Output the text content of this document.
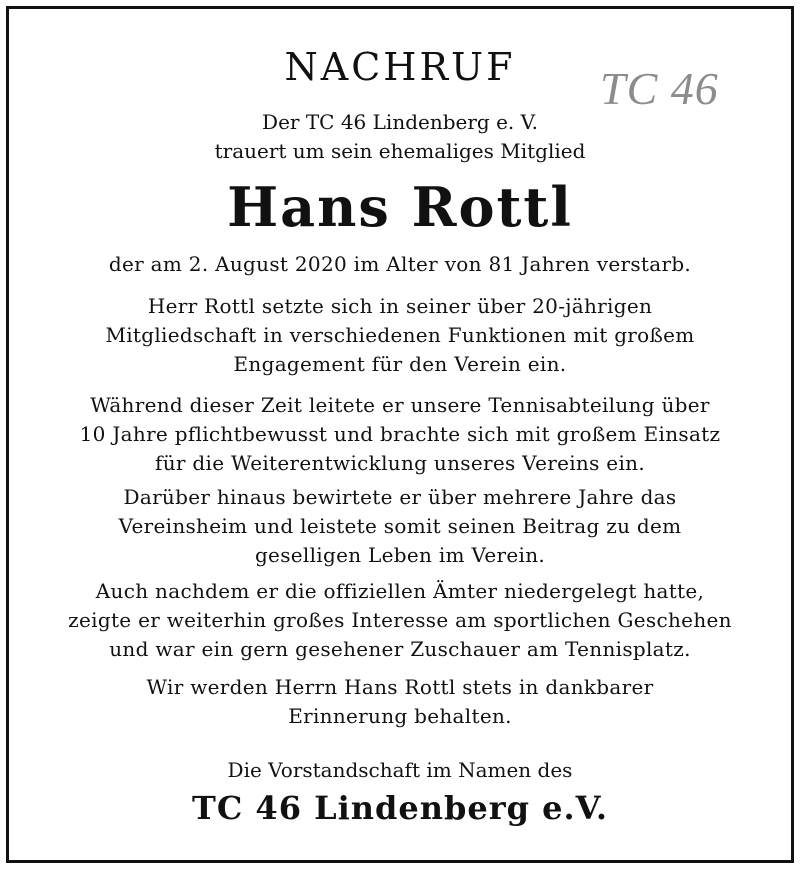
NACHRUF	TC 46
Der TC 46 Lindenberg e. V.
trauert um sein ehemaliges Mitglied
Hans Rottl
der am 2. August 2020 im Alter von 81 Jahren verstarb.
Herr Rottl setzte sich in seiner über 20-jährigen
Mitgliedschaft in verschiedenen Funktionen mit großem
Engagement für den Verein ein.
Während dieser Zeit leitete er unsere Tennisabteilung über
10 Jahre pflichtbewusst und brachte sich mit großem Einsatz
für die Weiterentwicklung unseres Vereins ein.
Darüber hinaus bewirtete er über mehrere Jahre das
Vereinsheim und leistete somit seinen Beitrag zu dem
geselligen Leben im Verein.
Auch nachdem er die offiziellen Ämter niedergelegt hatte,
zeigte er weiterhin großes Interesse am sportlichen Geschehen
und war ein gern gesehener Zuschauer am Tennisplatz.
Wir werden Herrn Hans Rottl stets in dankbarer
Erinnerung behalten.
Die Vorstandschaft im Namen des
TC 46 Lindenberg e.V.
